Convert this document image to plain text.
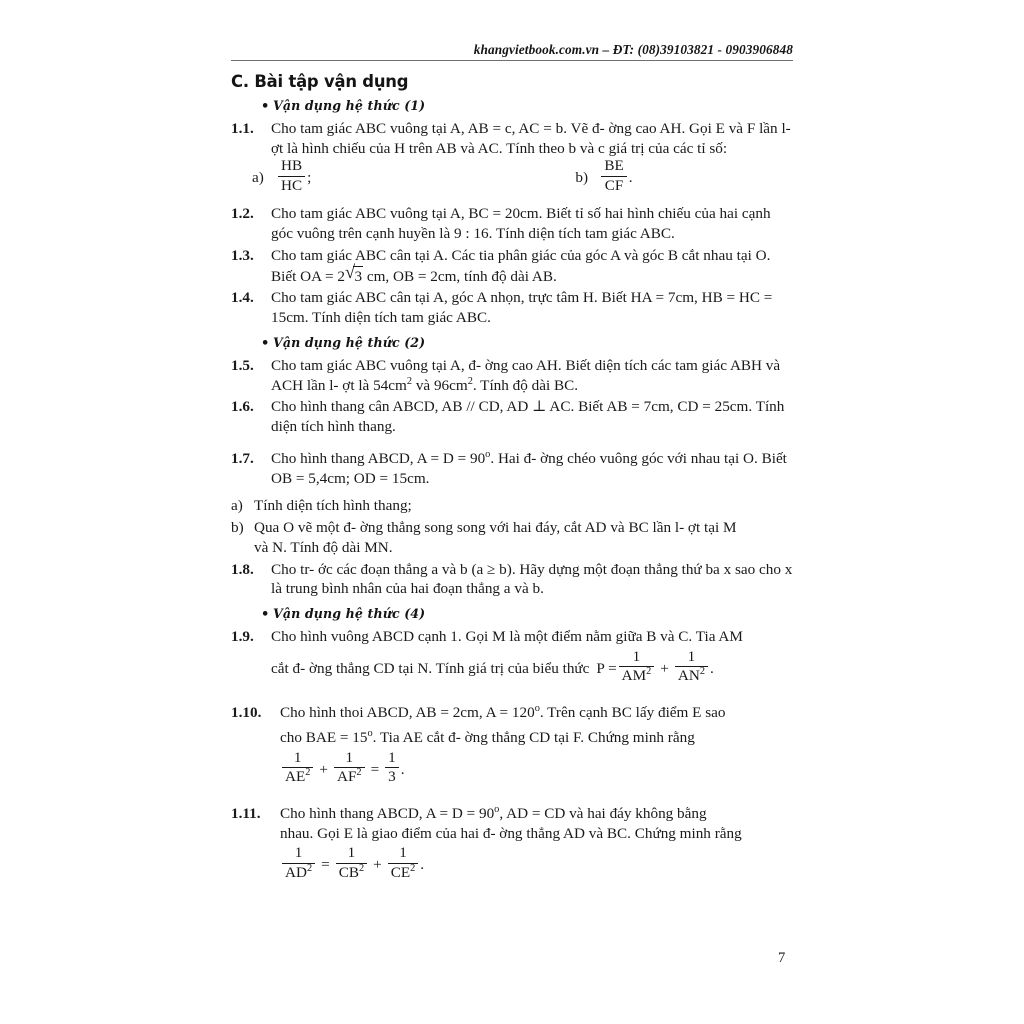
khangvietbook.com.vn – ĐT: (08)39103821 - 0903906848
C. Bài tập vận dụng
• Vận dụng hệ thức (1)
1.1.	Cho tam giác ABC vuông tại A, AB = c, AC = b. Vẽ đ- ờng cao AH. Gọi E và F lần l- ợt là hình chiếu của H trên AB và AC. Tính theo b và c giá trị của các tỉ số:
$a) \frac{HB}{HC}$ ;	$b) \frac{BE}{CF}$ .
1.2.	Cho tam giác ABC vuông tại A, BC = 20cm. Biết tỉ số hai hình chiếu của hai cạnh góc vuông trên cạnh huyền là 9 : 16. Tính diện tích tam giác ABC.
1.3.	Cho tam giác ABC cân tại A. Các tia phân giác của góc A và góc B cắt nhau tại O. Biết OA = 2 √ 3 cm, OB = 2cm, tính độ dài AB.
1.4.	Cho tam giác ABC cân tại A, góc A nhọn, trực tâm H. Biết HA = 7cm, HB = HC = 15cm. Tính diện tích tam giác ABC.
• Vận dụng hệ thức (2)
1.5.	Cho tam giác ABC vuông tại A, đ- ờng cao AH. Biết diện tích các tam giác ABH và ACH lần l- ợt là $54cm^2$ và $96cm^2$. Tính độ dài BC.
1.6.	Cho hình thang cân ABCD, AB // CD, AD ⊥ AC. Biết AB = 7cm, CD = 25cm. Tính diện tích hình thang.
1.7.	Cho hình thang ABCD, $A = D = 90^o$. Hai đ- ờng chéo vuông góc với nhau tại O. Biết OB = 5,4cm; OD = 15cm.
a) Tính diện tích hình thang;
b) Qua O vẽ một đ- ờng thẳng song song với hai đáy, cắt AD và BC lần l- ợt tại M
và N. Tính độ dài MN.
1.8.	Cho tr- ớc các đoạn thẳng a và b (a ≥ b). Hãy dựng một đoạn thẳng thứ ba x sao cho x là trung bình nhân của hai đoạn thẳng a và b.
• Vận dụng hệ thức (4)
1.9.	Cho hình vuông ABCD cạnh 1. Gọi M là một điểm nằm giữa B và C. Tia AM
cắt đ- ờng thẳng CD tại N. Tính giá trị của biểu thức $P = \frac{1}{AM^2} + \frac{1}{AN^2}$ .
1.10.	Cho hình thoi ABCD, AB = 2cm, $A = 120^o$. Trên cạnh BC lấy điểm E sao
cho BAE = $15^o$. Tia AE cắt đ- ờng thẳng CD tại F. Chứng minh rằng
$\frac{1}{AE^2} + \frac{1}{AF^2} = \frac{1}{3}$ .
1.11.	Cho hình thang ABCD, $A = D = 90^o$, AD = CD và hai đáy không bằng
nhau. Gọi E là giao điểm của hai đ- ờng thẳng AD và BC. Chứng minh rằng
$\frac{1}{AD^2} = \frac{1}{CB^2} + \frac{1}{CE^2}$ .
7
